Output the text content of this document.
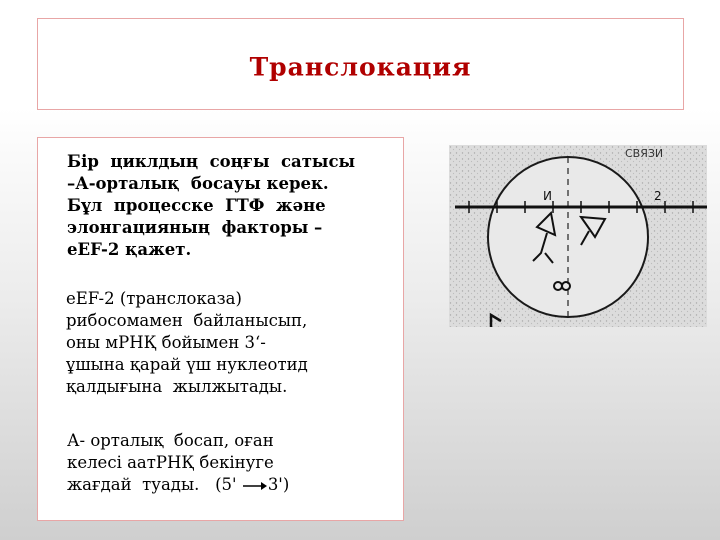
Транслокация
Бір  циклдың  соңғы  сатысы
–А-орталық  босауы керек.
Бұл  процесске  ГТФ  және
элонгацияның  факторы –
eEF-2 қажет.
eEF-2 (транслоказа)
рибосомамен  байланысып,
оны мРНҚ бойымен 3‘-
ұшына қарай үш нуклеотид
қалдығына  жылжытады.
А- орталық  босап, оған
келесі аатРНҚ бекінуге
жағдай  туады.   (5' 3')
СВЯЗИ
И	2
